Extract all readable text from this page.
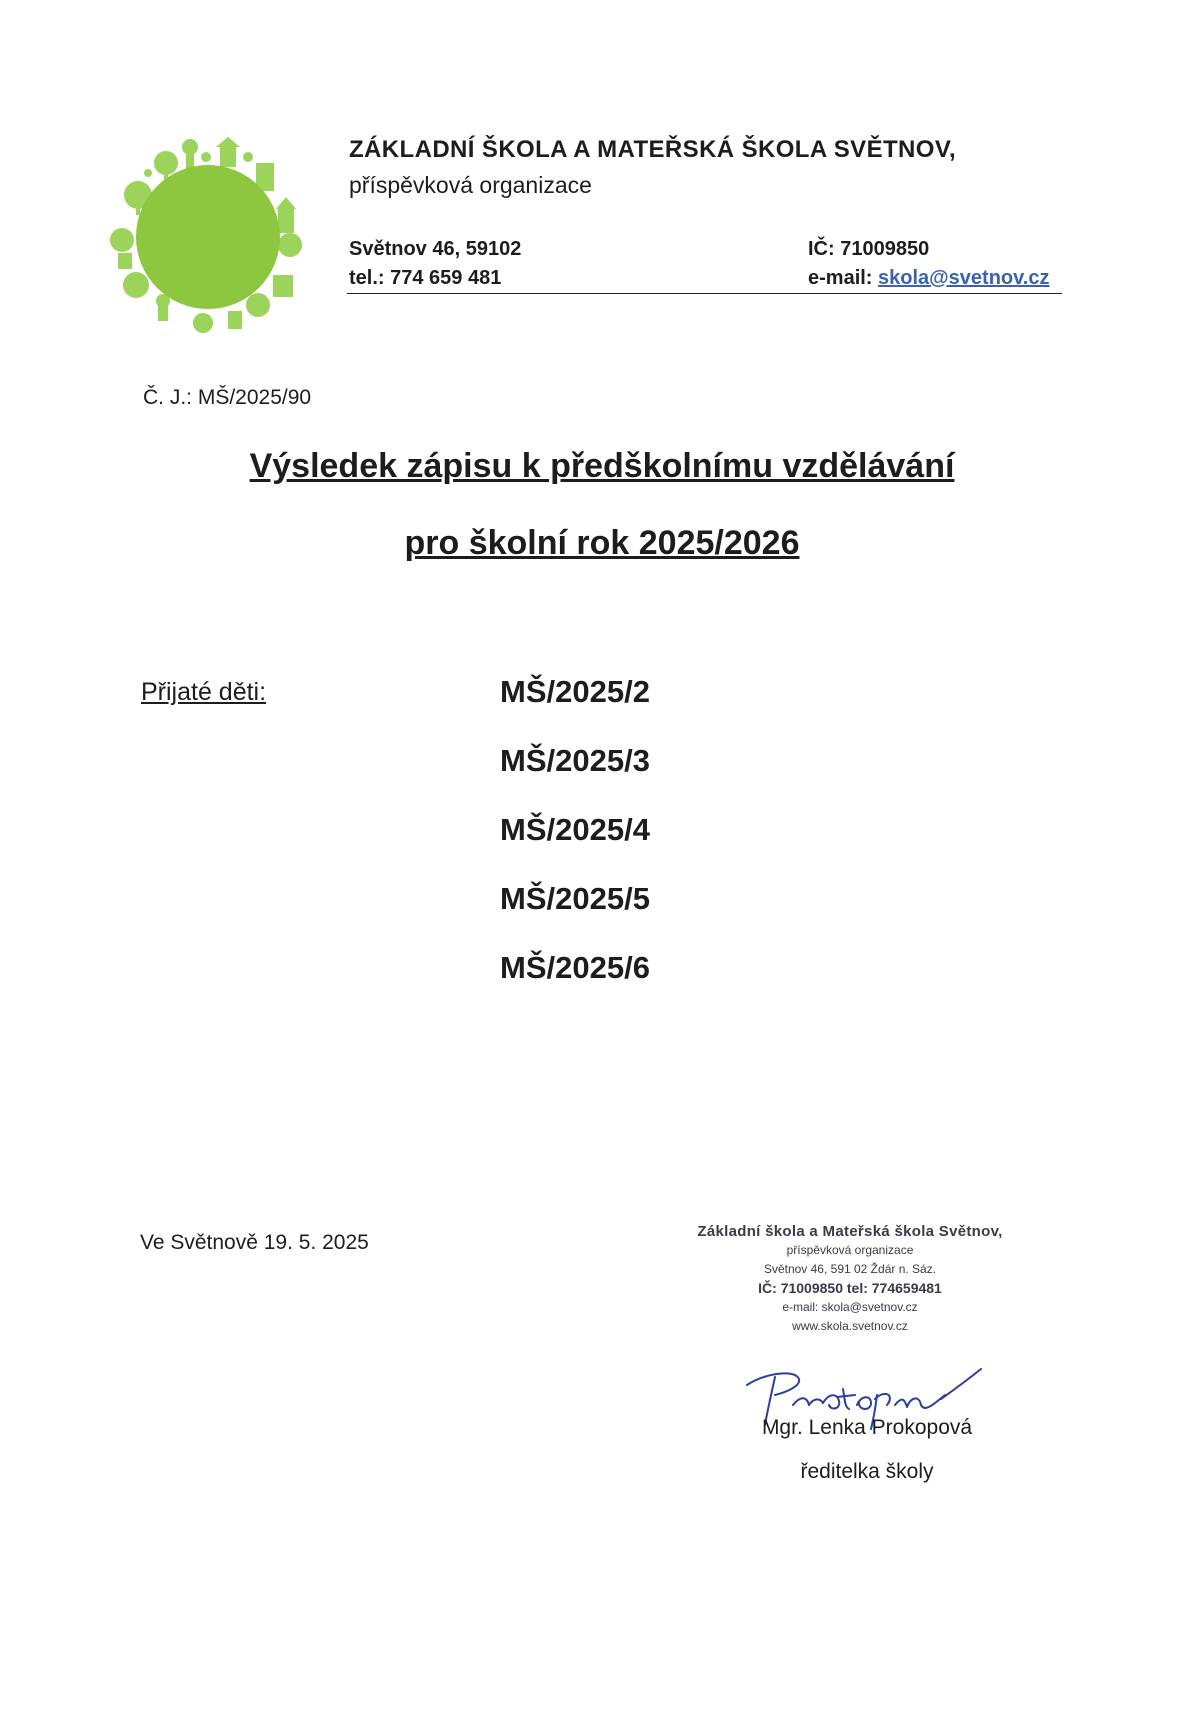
ZÁKLADNÍ ŠKOLA A MATEŘSKÁ ŠKOLA SVĚTNOV,
příspěvková organizace
Světnov 46, 59102
tel.: 774 659 481
IČ: 71009850
e-mail: skola@svetnov.cz
Č. J.: MŠ/2025/90
Výsledek zápisu k předškolnímu vzdělávání
pro školní rok 2025/2026
Přijaté děti:	MŠ/2025/2
MŠ/2025/3
MŠ/2025/4
MŠ/2025/5
MŠ/2025/6
Ve Světnově 19. 5. 2025	Základní škola a Mateřská škola Světnov,
příspěvková organizace
Světnov 46, 591 02 Ždár n. Sáz.
IČ: 71009850 tel: 774659481
e-mail: skola@svetnov.cz
www.skola.svetnov.cz
Mgr. Lenka Prokopová
ředitelka školy
